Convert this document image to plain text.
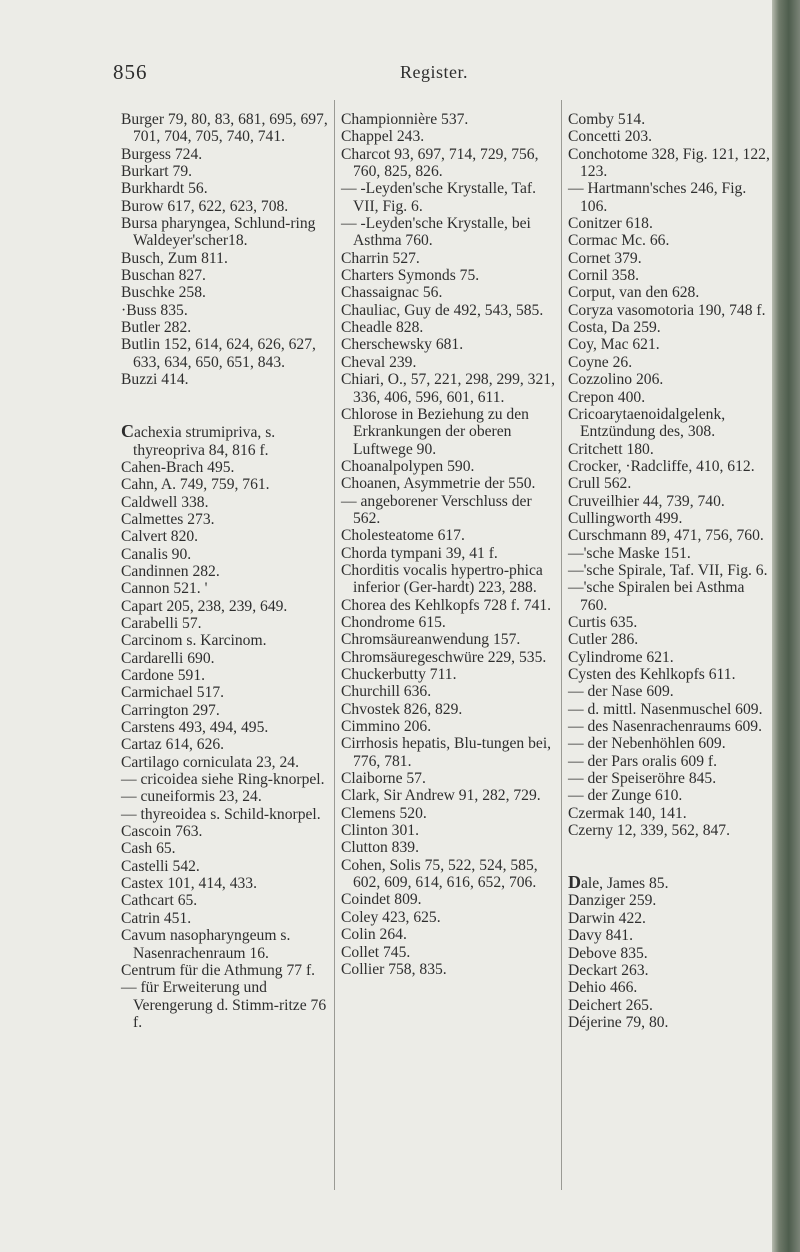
856	Register.
Burger 79, 80, 83, 681, 695, 697, 701, 704, 705, 740, 741.
Burgess 724.
Burkart 79.
Burkhardt 56.
Burow 617, 622, 623, 708.
Bursa pharyngea, Schlund-ring Waldeyer'scher18.
Busch, Zum 811.
Buschan 827.
Buschke 258.
·Buss 835.
Butler 282.
Butlin 152, 614, 624, 626, 627, 633, 634, 650, 651, 843.
Buzzi 414.
Cachexia strumipriva, s. thyreopriva 84, 816 f.
Cahen-Brach 495.
Cahn, A. 749, 759, 761.
Caldwell 338.
Calmettes 273.
Calvert 820.
Canalis 90.
Candinnen 282.
Cannon 521. '
Capart 205, 238, 239, 649.
Carabelli 57.
Carcinom s. Karcinom.
Cardarelli 690.
Cardone 591.
Carmichael 517.
Carrington 297.
Carstens 493, 494, 495.
Cartaz 614, 626.
Cartilago corniculata 23, 24.
— cricoidea siehe Ring-knorpel.
— cuneiformis 23, 24.
— thyreoidea s. Schild-knorpel.
Cascoin 763.
Cash 65.
Castelli 542.
Castex 101, 414, 433.
Cathcart 65.
Catrin 451.
Cavum nasopharyngeum s. Nasenrachenraum 16.
Centrum für die Athmung 77 f.
— für Erweiterung und Verengerung d. Stimm-ritze 76 f.
Championnière 537.
Chappel 243.
Charcot 93, 697, 714, 729, 756, 760, 825, 826.
— -Leyden'sche Krystalle, Taf. VII, Fig. 6.
— -Leyden'sche Krystalle, bei Asthma 760.
Charrin 527.
Charters Symonds 75.
Chassaignac 56.
Chauliac, Guy de 492, 543, 585.
Cheadle 828.
Cherschewsky 681.
Cheval 239.
Chiari, O., 57, 221, 298, 299, 321, 336, 406, 596, 601, 611.
Chlorose in Beziehung zu den Erkrankungen der oberen Luftwege 90.
Choanalpolypen 590.
Choanen, Asymmetrie der 550.
— angeborener Verschluss der 562.
Cholesteatome 617.
Chorda tympani 39, 41 f.
Chorditis vocalis hypertro-phica inferior (Ger-hardt) 223, 288.
Chorea des Kehlkopfs 728 f. 741.
Chondrome 615.
Chromsäureanwendung 157.
Chromsäuregeschwüre 229, 535.
Chuckerbutty 711.
Churchill 636.
Chvostek 826, 829.
Cimmino 206.
Cirrhosis hepatis, Blu-tungen bei, 776, 781.
Claiborne 57.
Clark, Sir Andrew 91, 282, 729.
Clemens 520.
Clinton 301.
Clutton 839.
Cohen, Solis 75, 522, 524, 585, 602, 609, 614, 616, 652, 706.
Coindet 809.
Coley 423, 625.
Colin 264.
Collet 745.
Collier 758, 835.
Comby 514.
Concetti 203.
Conchotome 328, Fig. 121, 122, 123.
— Hartmann'sches 246, Fig. 106.
Conitzer 618.
Cormac Mc. 66.
Cornet 379.
Cornil 358.
Corput, van den 628.
Coryza vasomotoria 190, 748 f.
Costa, Da 259.
Coy, Mac 621.
Coyne 26.
Cozzolino 206.
Crepon 400.
Cricoarytaenoidalgelenk, Entzündung des, 308.
Critchett 180.
Crocker, ·Radcliffe, 410, 612.
Crull 562.
Cruveilhier 44, 739, 740.
Cullingworth 499.
Curschmann 89, 471, 756, 760.
—'sche Maske 151.
—'sche Spirale, Taf. VII, Fig. 6.
—'sche Spiralen bei Asthma 760.
Curtis 635.
Cutler 286.
Cylindrome 621.
Cysten des Kehlkopfs 611.
— der Nase 609.
— d. mittl. Nasenmuschel 609.
— des Nasenrachenraums 609.
— der Nebenhöhlen 609.
— der Pars oralis 609 f.
— der Speiseröhre 845.
— der Zunge 610.
Czermak 140, 141.
Czerny 12, 339, 562, 847.
Dale, James 85.
Danziger 259.
Darwin 422.
Davy 841.
Debove 835.
Deckart 263.
Dehio 466.
Deichert 265.
Déjerine 79, 80.
